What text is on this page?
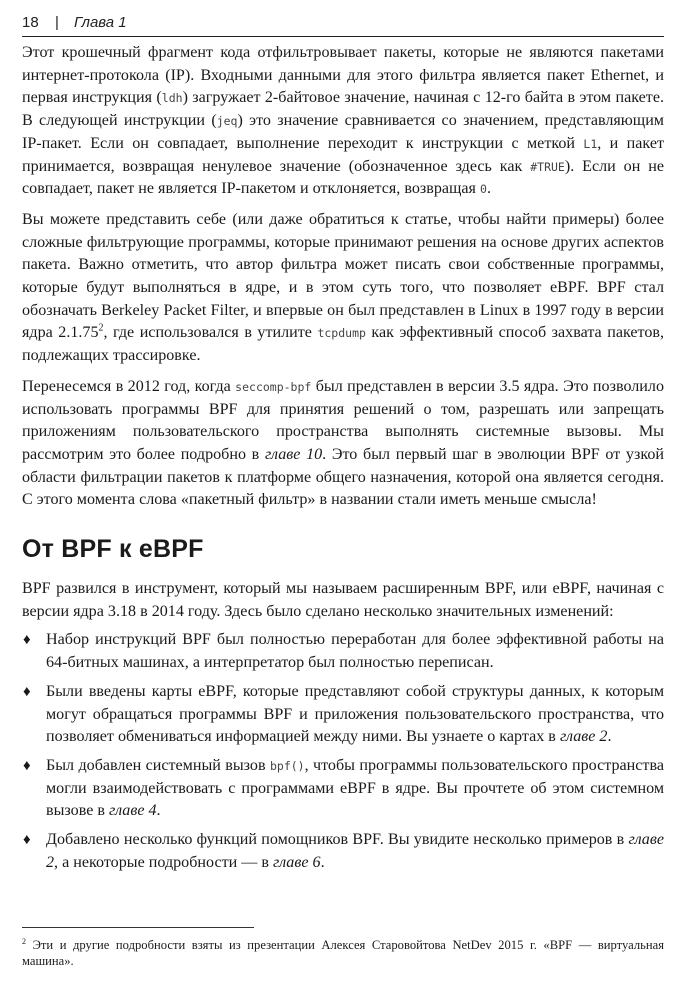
18 | Глава 1

Этот крошечный фрагмент кода отфильтровывает пакеты, которые не являются пакетами интернет-протокола (IP). Входными данными для этого фильтра является пакет Ethernet, и первая инструкция (ldh) загружает 2-байтовое значение, начиная с 12-го байта в этом пакете. В следующей инструкции (jeq) это значение сравнивается со значением, представляющим IP-пакет. Если он совпадает, выполнение переходит к инструкции с меткой L1, и пакет принимается, возвращая ненулевое значение (обозначенное здесь как #TRUE). Если он не совпадает, пакет не является IP-пакетом и отклоняется, возвращая 0.

Вы можете представить себе (или даже обратиться к статье, чтобы найти примеры) более сложные фильтрующие программы, которые принимают решения на основе других аспектов пакета. Важно отметить, что автор фильтра может писать свои собственные программы, которые будут выполняться в ядре, и в этом суть того, что позволяет eBPF. BPF стал обозначать Berkeley Packet Filter, и впервые он был представлен в Linux в 1997 году в версии ядра 2.1.75$^2$, где использовался в утилите tcpdump как эффективный способ захвата пакетов, подлежащих трассировке.

Перенесемся в 2012 год, когда seccomp-bpf был представлен в версии 3.5 ядра. Это позволило использовать программы BPF для принятия решений о том, разрешать или запрещать приложениям пользовательского пространства выполнять системные вызовы. Мы рассмотрим это более подробно в главе 10. Это был первый шаг в эволюции BPF от узкой области фильтрации пакетов к платформе общего назначения, которой она является сегодня. С этого момента слова «пакетный фильтр» в названии стали иметь меньше смысла!

От BPF к eBPF

BPF развился в инструмент, который мы называем расширенным BPF, или eBPF, начиная с версии ядра 3.18 в 2014 году. Здесь было сделано несколько значительных изменений:

♦ Набор инструкций BPF был полностью переработан для более эффективной работы на 64-битных машинах, а интерпретатор был полностью переписан.
♦ Были введены карты eBPF, которые представляют собой структуры данных, к которым могут обращаться программы BPF и приложения пользовательского пространства, что позволяет обмениваться информацией между ними. Вы узнаете о картах в главе 2.
♦ Был добавлен системный вызов bpf(), чтобы программы пользовательского пространства могли взаимодействовать с программами eBPF в ядре. Вы прочтете об этом системном вызове в главе 4.
♦ Добавлено несколько функций помощников BPF. Вы увидите несколько примеров в главе 2, а некоторые подробности — в главе 6.
$^2$ Эти и другие подробности взяты из презентации Алексея Старовойтова NetDev 2015 г. «BPF — виртуальная машина».
